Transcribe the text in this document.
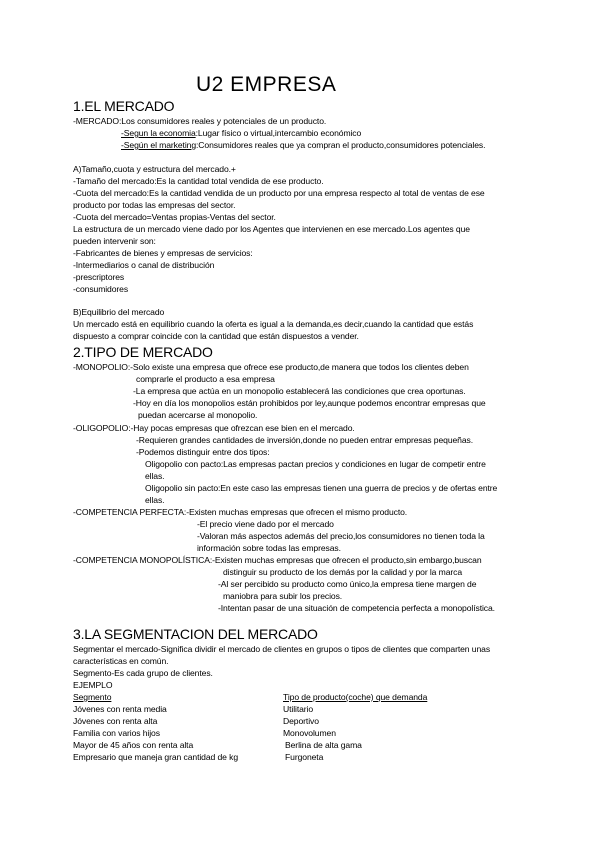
U2 EMPRESA
1.EL MERCADO
-MERCADO:Los consumidores reales y potenciales de un producto.
-Segun la economia:Lugar físico o virtual,intercambio económico
-Según el marketing:Consumidores reales que ya compran el producto,consumidores potenciales.
A)Tamaño,cuota y estructura del mercado.+
-Tamaño del mercado:Es la cantidad total vendida de ese producto.
-Cuota del mercado:Es la cantidad vendida de un producto por una empresa respecto al total de ventas de ese
producto por todas las empresas del sector.
-Cuota del mercado=Ventas propias-Ventas del sector.
La estructura de un mercado viene dado por los Agentes que intervienen en ese mercado.Los agentes que
pueden intervenir son:
-Fabricantes de bienes y empresas de servicios:
-Intermediarios o canal de distribución
-prescriptores
-consumidores
B)Equilibrio del mercado
Un mercado está en equilibrio cuando la oferta es igual a la demanda,es decir,cuando la cantidad que estás
dispuesto a comprar coincide con la cantidad que están dispuestos a vender.
2.TIPO DE MERCADO
-MONOPOLIO:-Solo existe una empresa que ofrece ese producto,de manera que todos los clientes deben
comprarle el producto a esa empresa
-La empresa que actúa en un monopolio establecerá las condiciones que crea oportunas.
-Hoy en día los monopolios están prohibidos por ley,aunque podemos encontrar empresas que
puedan acercarse al monopolio.
-OLIGOPOLIO:-Hay pocas empresas que ofrezcan ese bien en el mercado.
-Requieren grandes cantidades de inversión,donde no pueden entrar empresas pequeñas.
-Podemos distinguir entre dos tipos:
Oligopolio con pacto:Las empresas pactan precios y condiciones en lugar de competir entre
ellas.
Oligopolio sin pacto:En este caso las empresas tienen una guerra de precios y de ofertas entre
ellas.
-COMPETENCIA PERFECTA:-Existen muchas empresas que ofrecen el mismo producto.
-El precio viene dado por el mercado
-Valoran más aspectos además del precio,los consumidores no tienen toda la
información sobre todas las empresas.
-COMPETENCIA MONOPOLÍSTICA:-Existen muchas empresas que ofrecen el producto,sin embargo,buscan
distinguir su producto de los demás por la calidad y por la marca
-Al ser percibido su producto como único,la empresa tiene margen de
maniobra para subir los precios.
-Intentan pasar de una situación de competencia perfecta a monopolística.
3.LA SEGMENTACION DEL MERCADO
Segmentar el mercado-Significa dividir el mercado de clientes en grupos o tipos de clientes que comparten unas
características en común.
Segmento-Es cada grupo de clientes.
EJEMPLO
Segmento	Tipo de producto(coche) que demanda
Jóvenes con renta media	Utilitario
Jóvenes con renta alta	Deportivo
Familia con varios hijos	Monovolumen
Mayor de 45 años con renta alta	Berlina de alta gama
Empresario que maneja gran cantidad de kg	Furgoneta
